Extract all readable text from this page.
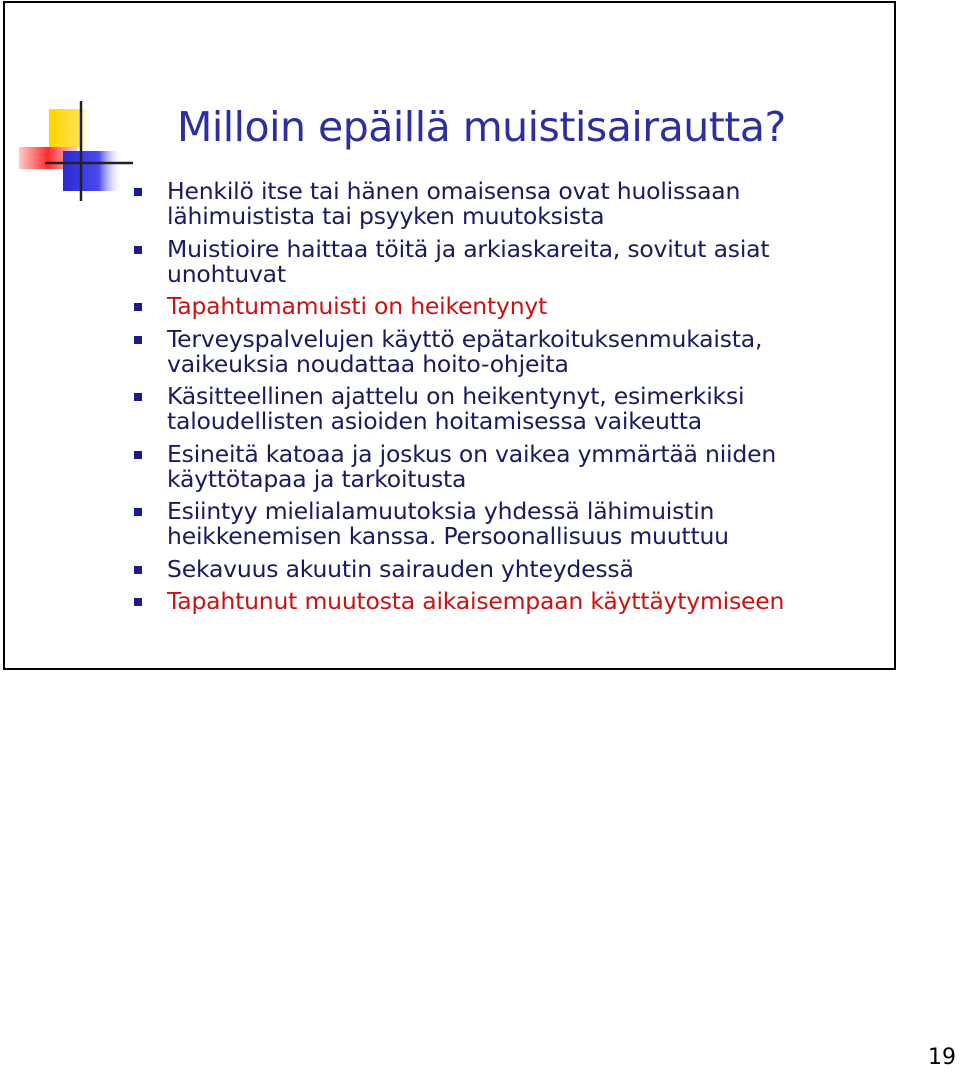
Milloin epäillä muistisairautta?
Henkilö itse tai hänen omaisensa ovat huolissaan lähimuistista tai psyyken muutoksista
Muistioire haittaa töitä ja arkiaskareita, sovitut asiat unohtuvat
Tapahtumamuisti on heikentynyt
Terveyspalvelujen käyttö epätarkoituksenmukaista, vaikeuksia noudattaa hoito-ohjeita
Käsitteellinen ajattelu on heikentynyt, esimerkiksi taloudellisten asioiden hoitamisessa vaikeutta
Esineitä katoaa ja joskus on vaikea ymmärtää niiden käyttötapaa ja tarkoitusta
Esiintyy mielialamuutoksia yhdessä lähimuistin heikkenemisen kanssa. Persoonallisuus muuttuu
Sekavuus akuutin sairauden yhteydessä
Tapahtunut muutosta aikaisempaan käyttäytymiseen
19
